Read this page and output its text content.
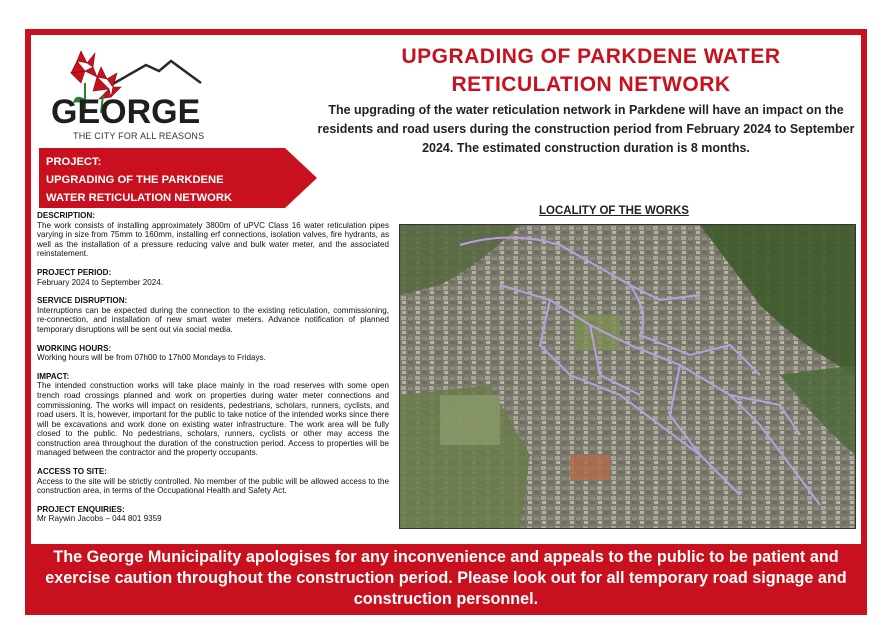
GEORGE
THE CITY FOR ALL REASONS
UPGRADING OF PARKDENE WATER
RETICULATION NETWORK
The upgrading of the water reticulation network in Parkdene will have an impact on the residents and road users during the construction period from February 2024 to September 2024. The estimated construction duration is 8 months.
PROJECT:
UPGRADING OF THE PARKDENE
WATER RETICULATION NETWORK
DESCRIPTION:
The work consists of installing approximately 3800m of uPVC Class 16 water reticulation pipes varying in size from 75mm to 160mm, installing erf connections, isolation valves, fire hydrants, as well as the installation of a pressure reducing valve and bulk water meter, and the associated reinstatement.
PROJECT PERIOD:
February 2024 to September 2024.
SERVICE DISRUPTION:
Interruptions can be expected during the connection to the existing reticulation, commissioning, re-connection, and installation of new smart water meters. Advance notification of planned temporary disruptions will be sent out via social media.
WORKING HOURS:
Working hours will be from 07h00 to 17h00 Mondays to Fridays.
IMPACT:
The intended construction works will take place mainly in the road reserves with some open trench road crossings planned and work on properties during water meter connections and commissioning. The works will impact on residents, pedestrians, scholars, runners, cyclists, and road users. It is, however, important for the public to take notice of the intended works since there will be excavations and work done on existing water infrastructure. The work area will be fully closed to the public. No pedestrians, scholars, runners, cyclists or other may access the construction area throughout the duration of the construction period. Access to properties will be managed between the contractor and the property occupants.
ACCESS TO SITE:
Access to the site will be strictly controlled. No member of the public will be allowed access to the construction area, in terms of the Occupational Health and Safety Act.
PROJECT ENQUIRIES:
Mr Raywin Jacobs – 044 801 9359
LOCALITY OF THE WORKS
The George Municipality apologises for any inconvenience and appeals to the public to be patient and exercise caution throughout the construction period. Please look out for all temporary road signage and construction personnel.
